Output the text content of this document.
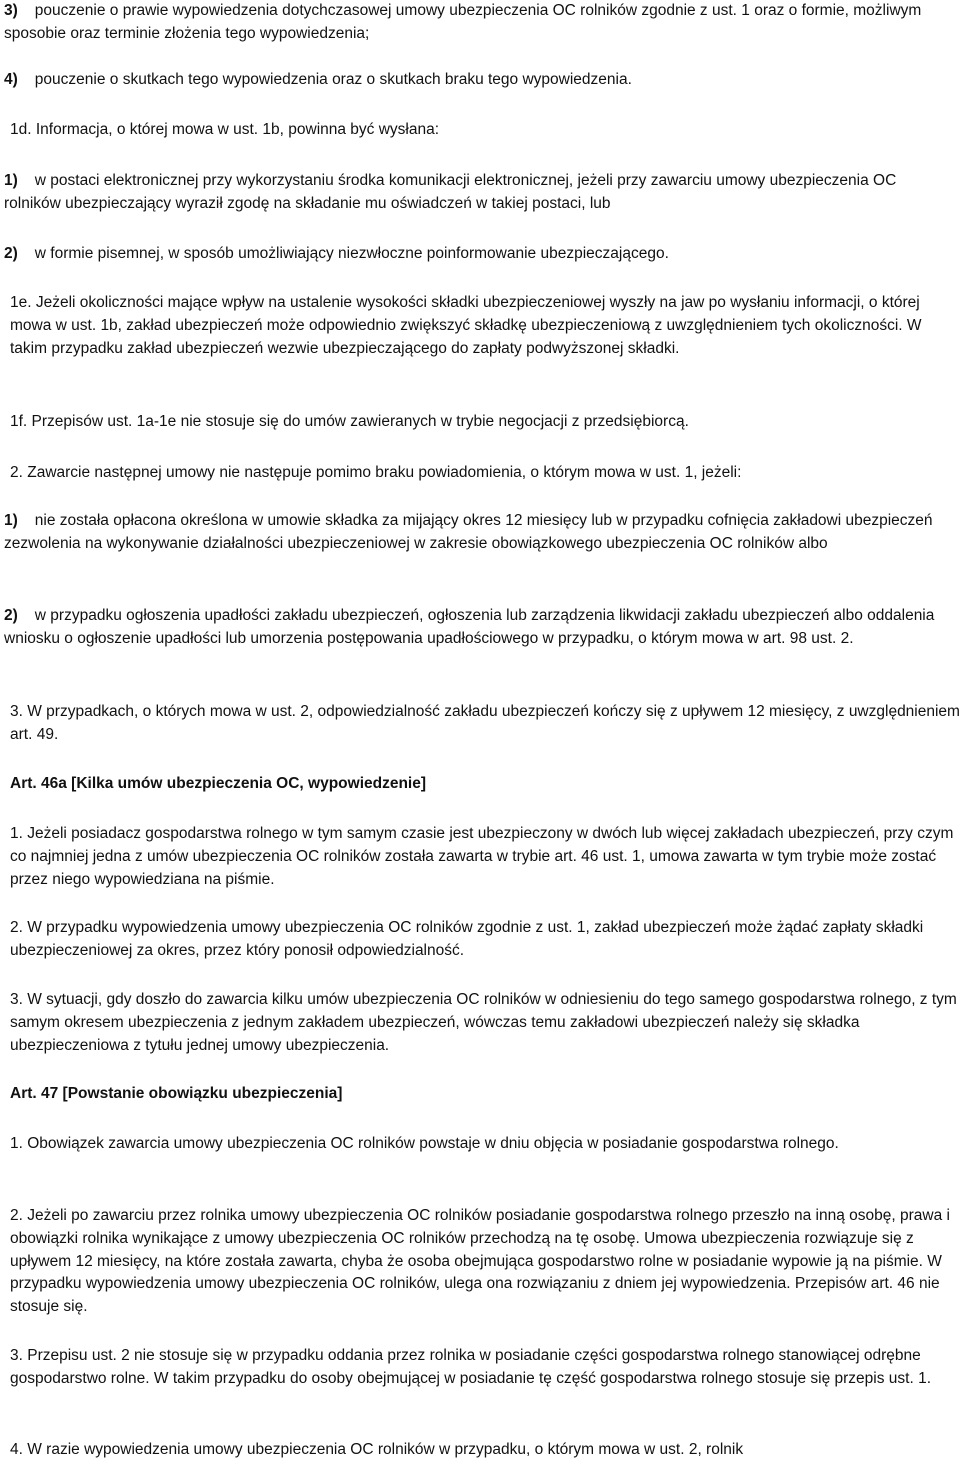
3) pouczenie o prawie wypowiedzenia dotychczasowej umowy ubezpieczenia OC rolników zgodnie z ust. 1 oraz o formie, możliwym sposobie oraz terminie złożenia tego wypowiedzenia;

4) pouczenie o skutkach tego wypowiedzenia oraz o skutkach braku tego wypowiedzenia.

1d. Informacja, o której mowa w ust. 1b, powinna być wysłana:

1) w postaci elektronicznej przy wykorzystaniu środka komunikacji elektronicznej, jeżeli przy zawarciu umowy ubezpieczenia OC rolników ubezpieczający wyraził zgodę na składanie mu oświadczeń w takiej postaci, lub

2) w formie pisemnej, w sposób umożliwiający niezwłoczne poinformowanie ubezpieczającego.

1e. Jeżeli okoliczności mające wpływ na ustalenie wysokości składki ubezpieczeniowej wyszły na jaw po wysłaniu informacji, o której mowa w ust. 1b, zakład ubezpieczeń może odpowiednio zwiększyć składkę ubezpieczeniową z uwzględnieniem tych okoliczności. W takim przypadku zakład ubezpieczeń wezwie ubezpieczającego do zapłaty podwyższonej składki.

1f. Przepisów ust. 1a-1e nie stosuje się do umów zawieranych w trybie negocjacji z przedsiębiorcą.

2. Zawarcie następnej umowy nie następuje pomimo braku powiadomienia, o którym mowa w ust. 1, jeżeli:

1) nie została opłacona określona w umowie składka za mijający okres 12 miesięcy lub w przypadku cofnięcia zakładowi ubezpieczeń zezwolenia na wykonywanie działalności ubezpieczeniowej w zakresie obowiązkowego ubezpieczenia OC rolników albo

2) w przypadku ogłoszenia upadłości zakładu ubezpieczeń, ogłoszenia lub zarządzenia likwidacji zakładu ubezpieczeń albo oddalenia wniosku o ogłoszenie upadłości lub umorzenia postępowania upadłościowego w przypadku, o którym mowa w art. 98 ust. 2.

3. W przypadkach, o których mowa w ust. 2, odpowiedzialność zakładu ubezpieczeń kończy się z upływem 12 miesięcy, z uwzględnieniem art. 49.

Art. 46a [Kilka umów ubezpieczenia OC, wypowiedzenie]

1. Jeżeli posiadacz gospodarstwa rolnego w tym samym czasie jest ubezpieczony w dwóch lub więcej zakładach ubezpieczeń, przy czym co najmniej jedna z umów ubezpieczenia OC rolników została zawarta w trybie art. 46 ust. 1, umowa zawarta w tym trybie może zostać przez niego wypowiedziana na piśmie.

2. W przypadku wypowiedzenia umowy ubezpieczenia OC rolników zgodnie z ust. 1, zakład ubezpieczeń może żądać zapłaty składki ubezpieczeniowej za okres, przez który ponosił odpowiedzialność.

3. W sytuacji, gdy doszło do zawarcia kilku umów ubezpieczenia OC rolników w odniesieniu do tego samego gospodarstwa rolnego, z tym samym okresem ubezpieczenia z jednym zakładem ubezpieczeń, wówczas temu zakładowi ubezpieczeń należy się składka ubezpieczeniowa z tytułu jednej umowy ubezpieczenia.

Art. 47 [Powstanie obowiązku ubezpieczenia]

1. Obowiązek zawarcia umowy ubezpieczenia OC rolników powstaje w dniu objęcia w posiadanie gospodarstwa rolnego.

2. Jeżeli po zawarciu przez rolnika umowy ubezpieczenia OC rolników posiadanie gospodarstwa rolnego przeszło na inną osobę, prawa i obowiązki rolnika wynikające z umowy ubezpieczenia OC rolników przechodzą na tę osobę. Umowa ubezpieczenia rozwiązuje się z upływem 12 miesięcy, na które została zawarta, chyba że osoba obejmująca gospodarstwo rolne w posiadanie wypowie ją na piśmie. W przypadku wypowiedzenia umowy ubezpieczenia OC rolników, ulega ona rozwiązaniu z dniem jej wypowiedzenia. Przepisów art. 46 nie stosuje się.

3. Przepisu ust. 2 nie stosuje się w przypadku oddania przez rolnika w posiadanie części gospodarstwa rolnego stanowiącej odrębne gospodarstwo rolne. W takim przypadku do osoby obejmującej w posiadanie tę część gospodarstwa rolnego stosuje się przepis ust. 1.

4. W razie wypowiedzenia umowy ubezpieczenia OC rolników w przypadku, o którym mowa w ust. 2, rolnik
